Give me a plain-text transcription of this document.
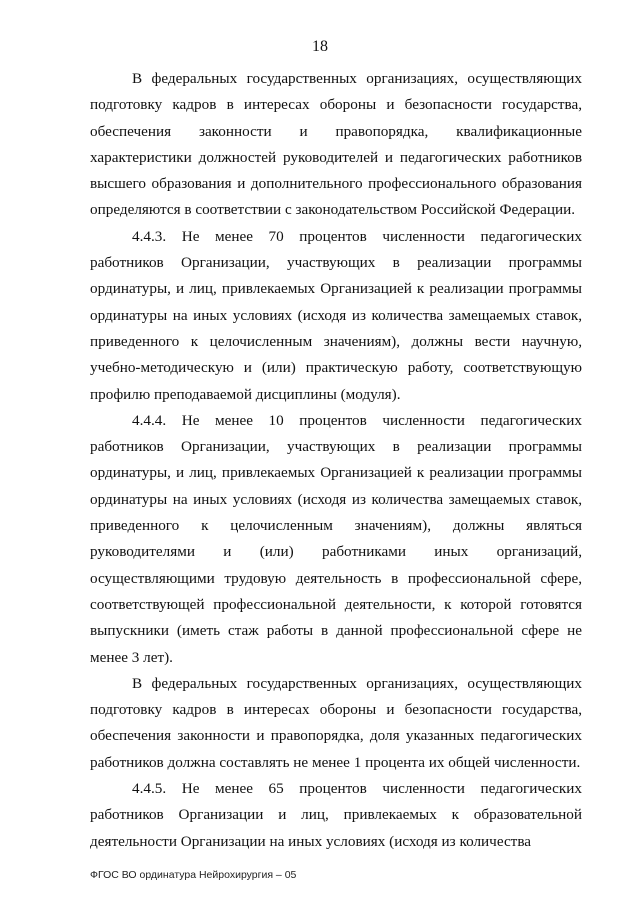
18

В федеральных государственных организациях, осуществляющих подготовку кадров в интересах обороны и безопасности государства, обеспечения законности и правопорядка, квалификационные характеристики должностей руководителей и педагогических работников высшего образования и дополнительного профессионального образования определяются в соответствии с законодательством Российской Федерации.

4.4.3. Не менее 70 процентов численности педагогических работников Организации, участвующих в реализации программы ординатуры, и лиц, привлекаемых Организацией к реализации программы ординатуры на иных условиях (исходя из количества замещаемых ставок, приведенного к целочисленным значениям), должны вести научную, учебно-методическую и (или) практическую работу, соответствующую профилю преподаваемой дисциплины (модуля).

4.4.4. Не менее 10 процентов численности педагогических работников Организации, участвующих в реализации программы ординатуры, и лиц, привлекаемых Организацией к реализации программы ординатуры на иных условиях (исходя из количества замещаемых ставок, приведенного к целочисленным значениям), должны являться руководителями и (или) работниками иных организаций, осуществляющими трудовую деятельность в профессиональной сфере, соответствующей профессиональной деятельности, к которой готовятся выпускники (иметь стаж работы в данной профессиональной сфере не менее 3 лет).

В федеральных государственных организациях, осуществляющих подготовку кадров в интересах обороны и безопасности государства, обеспечения законности и правопорядка, доля указанных педагогических работников должна составлять не менее 1 процента их общей численности.

4.4.5. Не менее 65 процентов численности педагогических работников Организации и лиц, привлекаемых к образовательной деятельности Организации на иных условиях (исходя из количества

ФГОС ВО ординатура Нейрохирургия – 05
